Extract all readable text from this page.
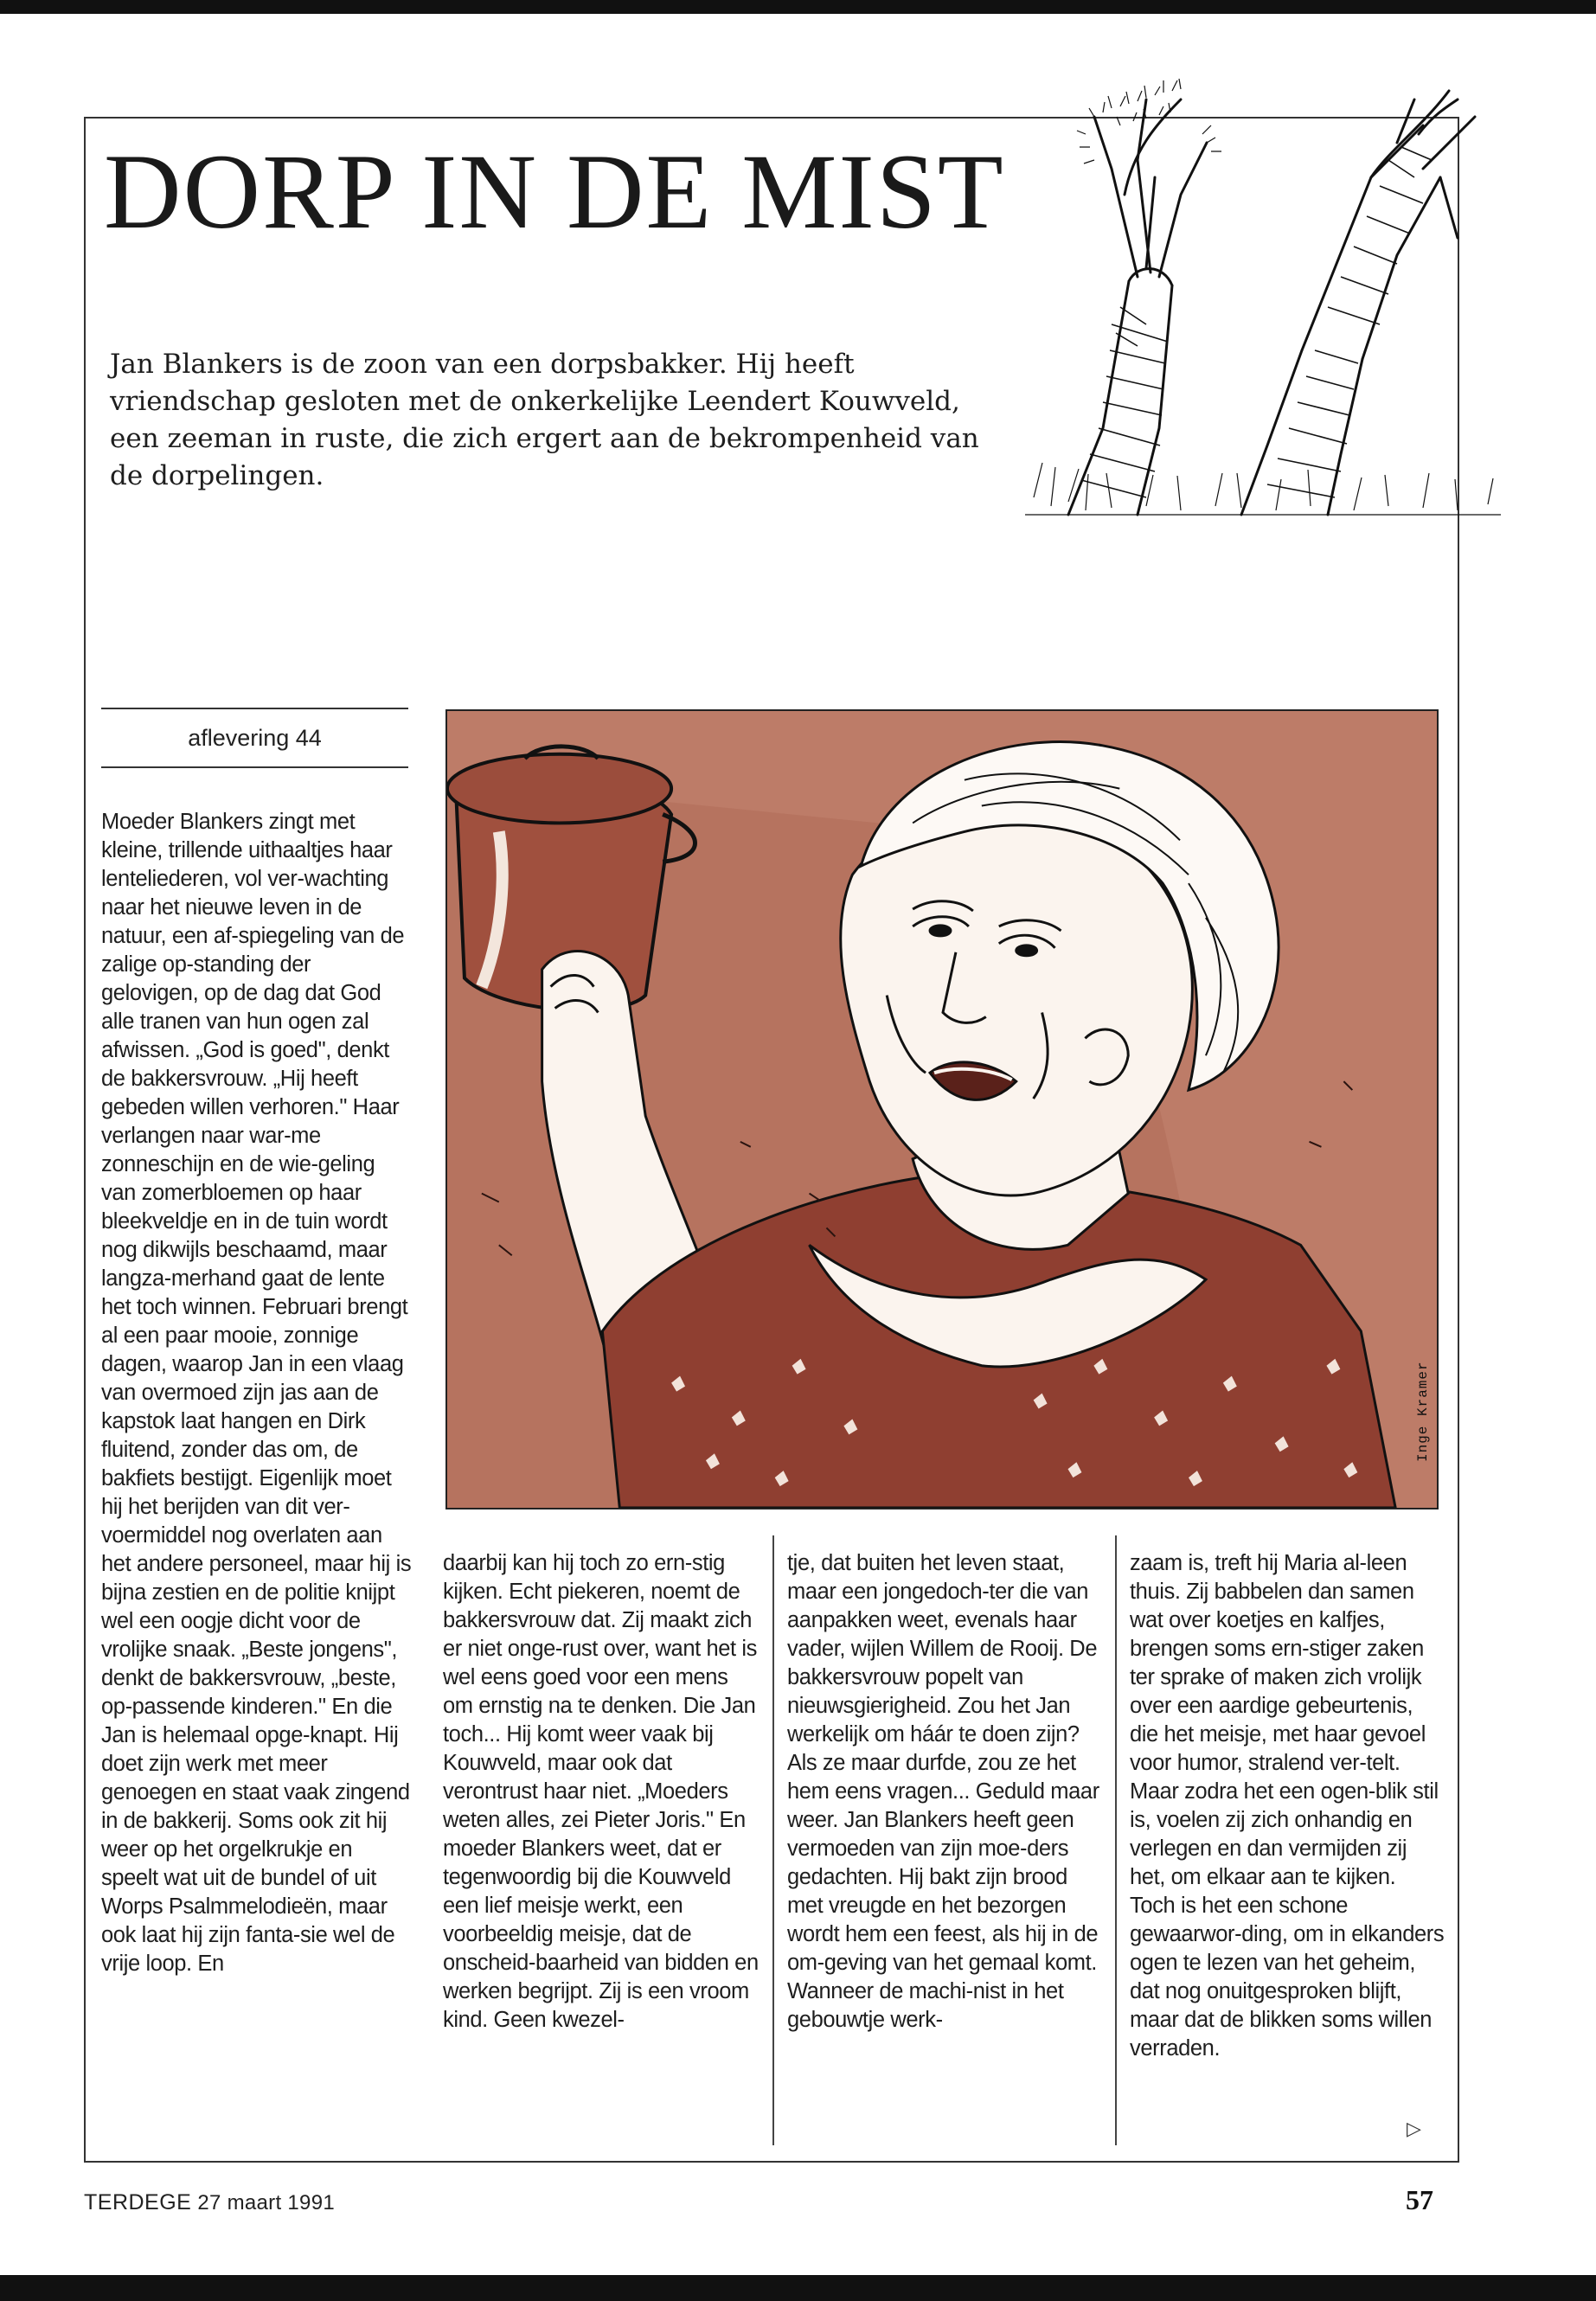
DORP IN DE MIST

Jan Blankers is de zoon van een dorpsbakker. Hij heeft vriendschap gesloten met de onkerkelijke Leendert Kouwveld, een zeeman in ruste, die zich ergert aan de bekrompenheid van de dorpelingen.

aflevering 44
Inge Kramer
Moeder Blankers zingt met kleine, trillende uithaaltjes haar lenteliederen, vol ver-wachting naar het nieuwe leven in de natuur, een af-spiegeling van de zalige op-standing der gelovigen, op de dag dat God alle tranen van hun ogen zal afwissen. „God is goed", denkt de bakkersvrouw. „Hij heeft gebeden willen verhoren." Haar verlangen naar war-me zonneschijn en de wie-geling van zomerbloemen op haar bleekveldje en in de tuin wordt nog dikwijls beschaamd, maar langza-merhand gaat de lente het toch winnen. Februari brengt al een paar mooie, zonnige dagen, waarop Jan in een vlaag van overmoed zijn jas aan de kapstok laat hangen en Dirk fluitend, zonder das om, de bakfiets bestijgt. Eigenlijk moet hij het berijden van dit ver-voermiddel nog overlaten aan het andere personeel, maar hij is bijna zestien en de politie knijpt wel een oogje dicht voor de vrolijke snaak. „Beste jongens", denkt de bakkersvrouw, „beste, op-passende kinderen." En die Jan is helemaal opge-knapt. Hij doet zijn werk met meer genoegen en staat vaak zingend in de bakkerij. Soms ook zit hij weer op het orgelkrukje en speelt wat uit de bundel of uit Worps Psalmmelodieën, maar ook laat hij zijn fanta-sie wel de vrije loop. En
daarbij kan hij toch zo ern-stig kijken. Echt piekeren, noemt de bakkersvrouw dat. Zij maakt zich er niet onge-rust over, want het is wel eens goed voor een mens om ernstig na te denken. Die Jan toch... Hij komt weer vaak bij Kouwveld, maar ook dat verontrust haar niet. „Moeders weten alles, zei Pieter Joris." En moeder Blankers weet, dat er tegenwoordig bij die Kouwveld een lief meisje werkt, een voorbeeldig meisje, dat de onscheid-baarheid van bidden en werken begrijpt. Zij is een vroom kind. Geen kwezel-
tje, dat buiten het leven staat, maar een jongedoch-ter die van aanpakken weet, evenals haar vader, wijlen Willem de Rooij. De bakkersvrouw popelt van nieuwsgierigheid. Zou het Jan werkelijk om háár te doen zijn? Als ze maar durfde, zou ze het hem eens vragen... Geduld maar weer. Jan Blankers heeft geen vermoeden van zijn moe-ders gedachten. Hij bakt zijn brood met vreugde en het bezorgen wordt hem een feest, als hij in de om-geving van het gemaal komt. Wanneer de machi-nist in het gebouwtje werk-
zaam is, treft hij Maria al-leen thuis. Zij babbelen dan samen wat over koetjes en kalfjes, brengen soms ern-stiger zaken ter sprake of maken zich vrolijk over een aardige gebeurtenis, die het meisje, met haar gevoel voor humor, stralend ver-telt. Maar zodra het een ogen-blik stil is, voelen zij zich onhandig en verlegen en dan vermijden zij het, om elkaar aan te kijken. Toch is het een schone gewaarwor-ding, om in elkanders ogen te lezen van het geheim, dat nog onuitgesproken blijft, maar dat de blikken soms willen verraden.
▷
TERDEGE 27 maart 1991	57
